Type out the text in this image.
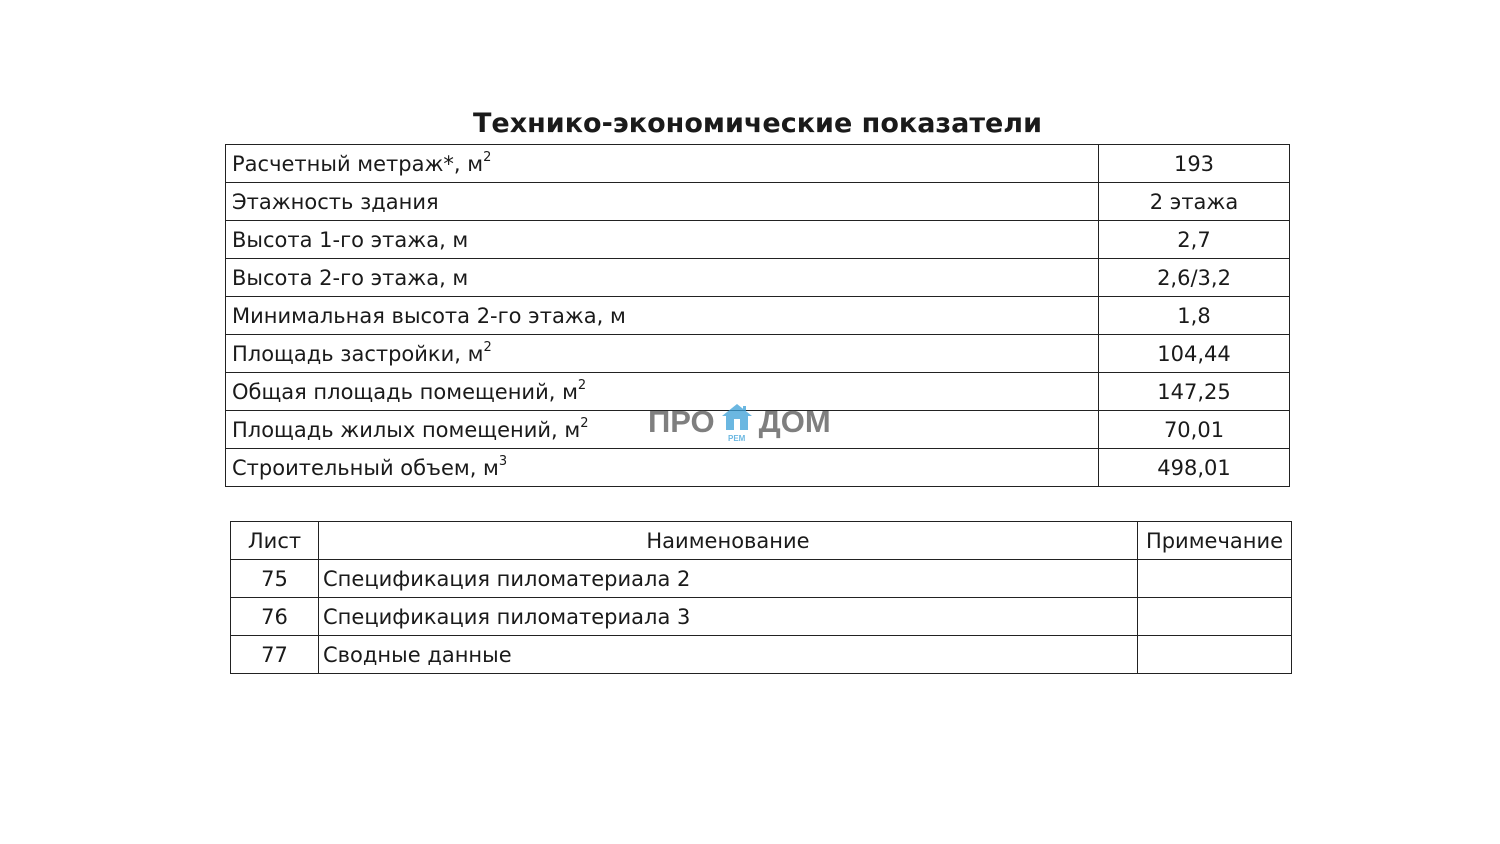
Технико-экономические показатели
Расчетный метраж*, $м^2$	193
Этажность здания	2 этажа
Высота 1-го этажа, м	2,7
Высота 2-го этажа, м	2,6/3,2
Минимальная высота 2-го этажа, м	1,8
Площадь застройки, $м^2$	104,44
Общая площадь помещений, $м^2$	147,25
Площадь жилых помещений, $м^2$	70,01
Строительный объем, $м^3$	498,01
Лист	Наименование	Примечание
75	Спецификация пиломатериала 2	
76	Спецификация пиломатериала 3	
77	Сводные данные	
ПРО	РЕМ ДОМ
